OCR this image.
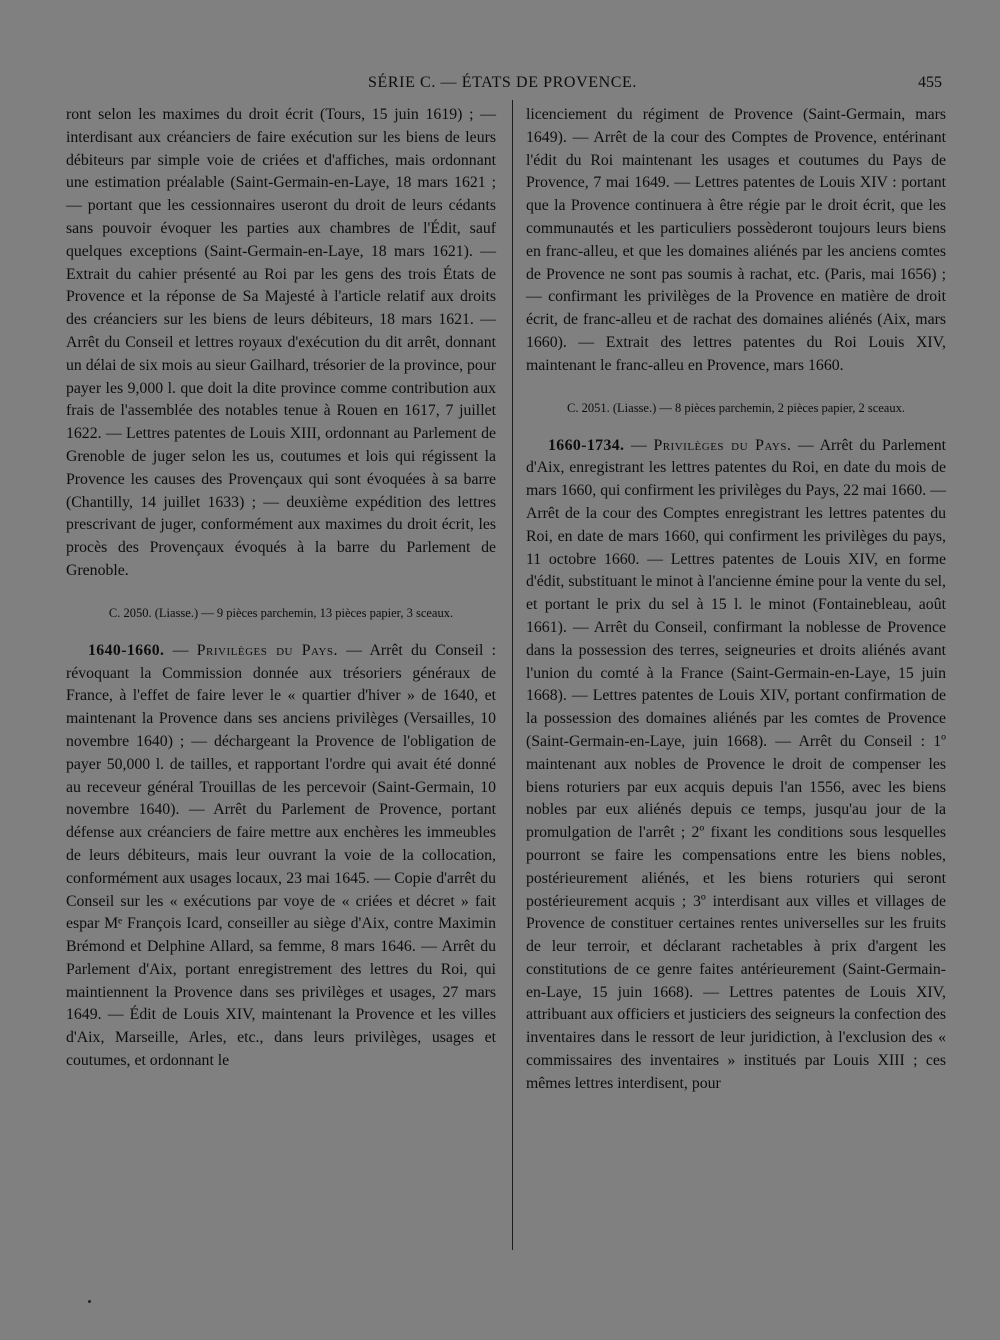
SÉRIE C. — ÉTATS DE PROVENCE.	455

ront selon les maximes du droit écrit (Tours, 15 juin 1619) ; — interdisant aux créanciers de faire exécution sur les biens de leurs débiteurs par simple voie de criées et d'affiches, mais ordonnant une estimation préalable (Saint-Germain-en-Laye, 18 mars 1621 ; — portant que les cessionnaires useront du droit de leurs cédants sans pouvoir évoquer les parties aux chambres de l'Édit, sauf quelques exceptions (Saint-Germain-en-Laye, 18 mars 1621). — Extrait du cahier présenté au Roi par les gens des trois États de Provence et la réponse de Sa Majesté à l'article relatif aux droits des créanciers sur les biens de leurs débiteurs, 18 mars 1621. — Arrêt du Conseil et lettres royaux d'exécution du dit arrêt, donnant un délai de six mois au sieur Gailhard, trésorier de la province, pour payer les 9,000 l. que doit la dite province comme contribution aux frais de l'assemblée des notables tenue à Rouen en 1617, 7 juillet 1622. — Lettres patentes de Louis XIII, ordonnant au Parlement de Grenoble de juger selon les us, coutumes et lois qui régissent la Provence les causes des Provençaux qui sont évoquées à sa barre (Chantilly, 14 juillet 1633) ; — deuxième expédition des lettres prescrivant de juger, conformément aux maximes du droit écrit, les procès des Provençaux évoqués à la barre du Parlement de Grenoble.

C. 2050. (Liasse.) — 9 pièces parchemin, 13 pièces papier, 3 sceaux.

1640-1660. — Privilèges du Pays. — Arrêt du Conseil : révoquant la Commission donnée aux trésoriers généraux de France, à l'effet de faire lever le « quartier d'hiver » de 1640, et maintenant la Provence dans ses anciens privilèges (Versailles, 10 novembre 1640) ; — déchargeant la Provence de l'obligation de payer 50,000 l. de tailles, et rapportant l'ordre qui avait été donné au receveur général Trouillas de les percevoir (Saint-Germain, 10 novembre 1640). — Arrêt du Parlement de Provence, portant défense aux créanciers de faire mettre aux enchères les immeubles de leurs débiteurs, mais leur ouvrant la voie de la collocation, conformément aux usages locaux, 23 mai 1645. — Copie d'arrêt du Conseil sur les « exécutions par voye de « criées et décret » fait espar Mᵉ François Icard, conseiller au siège d'Aix, contre Maximin Brémond et Delphine Allard, sa femme, 8 mars 1646. — Arrêt du Parlement d'Aix, portant enregistrement des lettres du Roi, qui maintiennent la Provence dans ses privilèges et usages, 27 mars 1649. — Édit de Louis XIV, maintenant la Provence et les villes d'Aix, Marseille, Arles, etc., dans leurs privilèges, usages et coutumes, et ordonnant le

licenciement du régiment de Provence (Saint-Germain, mars 1649). — Arrêt de la cour des Comptes de Provence, entérinant l'édit du Roi maintenant les usages et coutumes du Pays de Provence, 7 mai 1649. — Lettres patentes de Louis XIV : portant que la Provence continuera à être régie par le droit écrit, que les communautés et les particuliers possèderont toujours leurs biens en franc-alleu, et que les domaines aliénés par les anciens comtes de Provence ne sont pas soumis à rachat, etc. (Paris, mai 1656) ; — confirmant les privilèges de la Provence en matière de droit écrit, de franc-alleu et de rachat des domaines aliénés (Aix, mars 1660). — Extrait des lettres patentes du Roi Louis XIV, maintenant le franc-alleu en Provence, mars 1660.

C. 2051. (Liasse.) — 8 pièces parchemin, 2 pièces papier, 2 sceaux.

1660-1734. — Privilèges du Pays. — Arrêt du Parlement d'Aix, enregistrant les lettres patentes du Roi, en date du mois de mars 1660, qui confirment les privilèges du Pays, 22 mai 1660. — Arrêt de la cour des Comptes enregistrant les lettres patentes du Roi, en date de mars 1660, qui confirment les privilèges du pays, 11 octobre 1660. — Lettres patentes de Louis XIV, en forme d'édit, substituant le minot à l'ancienne émine pour la vente du sel, et portant le prix du sel à 15 l. le minot (Fontainebleau, août 1661). — Arrêt du Conseil, confirmant la noblesse de Provence dans la possession des terres, seigneuries et droits aliénés avant l'union du comté à la France (Saint-Germain-en-Laye, 15 juin 1668). — Lettres patentes de Louis XIV, portant confirmation de la possession des domaines aliénés par les comtes de Provence (Saint-Germain-en-Laye, juin 1668). — Arrêt du Conseil : 1º maintenant aux nobles de Provence le droit de compenser les biens roturiers par eux acquis depuis l'an 1556, avec les biens nobles par eux aliénés depuis ce temps, jusqu'au jour de la promulgation de l'arrêt ; 2º fixant les conditions sous lesquelles pourront se faire les compensations entre les biens nobles, postérieurement aliénés, et les biens roturiers qui seront postérieurement acquis ; 3º interdisant aux villes et villages de Provence de constituer certaines rentes universelles sur les fruits de leur terroir, et déclarant rachetables à prix d'argent les constitutions de ce genre faites antérieurement (Saint-Germain-en-Laye, 15 juin 1668). — Lettres patentes de Louis XIV, attribuant aux officiers et justiciers des seigneurs la confection des inventaires dans le ressort de leur juridiction, à l'exclusion des « commissaires des inventaires » institués par Louis XIII ; ces mêmes lettres interdisent, pour
